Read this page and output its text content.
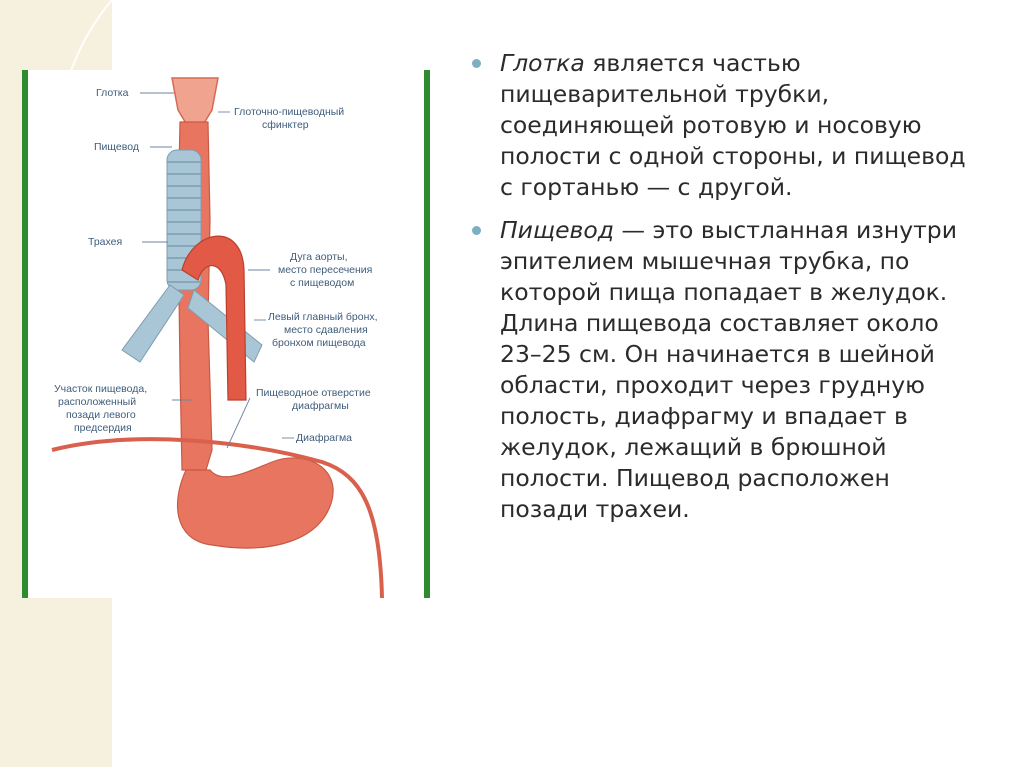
Глотка
Глоточно-пищеводный
сфинктер
Пищевод
Трахея
Дуга аорты,
место пересечения
с пищеводом
Левый главный бронх,
место сдавления
бронхом пищевода
Участок пищевода,
расположенный
позади левого
предсердия
Пищеводное отверстие
диафрагмы
Диафрагма
Глотка является частью пищеварительной трубки, соединяющей ротовую и носовую полости с одной стороны, и пищевод с гортанью — с другой.
Пищевод — это выстланная изнутри эпителием мышечная трубка, по которой пища попадает в желудок. Длина пищевода составляет около 23–25 см. Он начинается в шейной области, проходит через грудную полость, диафрагму и впадает в желудок, лежащий в брюшной полости. Пищевод расположен позади трахеи.
